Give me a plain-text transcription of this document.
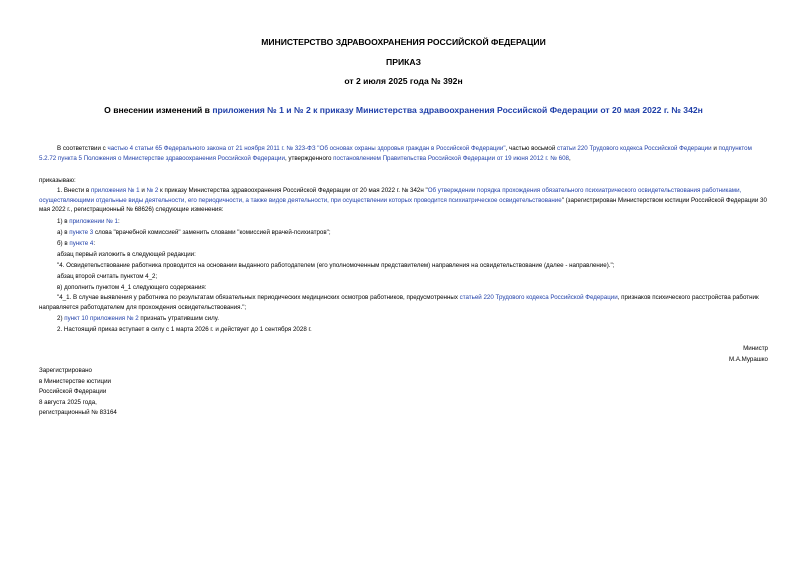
МИНИСТЕРСТВО ЗДРАВООХРАНЕНИЯ РОССИЙСКОЙ ФЕДЕРАЦИИ
ПРИКАЗ
от 2 июля 2025 года № 392н
О внесении изменений в приложения № 1 и № 2 к приказу Министерства здравоохранения Российской Федерации от 20 мая 2022 г. № 342н

В соответствии с частью 4 статьи 65 Федерального закона от 21 ноября 2011 г. № 323-ФЗ "Об основах охраны здоровья граждан в Российской Федерации", частью восьмой статьи 220 Трудового кодекса Российской Федерации и подпунктом 5.2.72 пункта 5 Положения о Министерстве здравоохранения Российской Федерации, утвержденного постановлением Правительства Российской Федерации от 19 июня 2012 г. № 608,

приказываю:

1. Внести в приложения № 1 и № 2 к приказу Министерства здравоохранения Российской Федерации от 20 мая 2022 г. № 342н "Об утверждении порядка прохождения обязательного психиатрического освидетельствования работниками, осуществляющими отдельные виды деятельности, его периодичности, а также видов деятельности, при осуществлении которых проводится психиатрическое освидетельствование" (зарегистрирован Министерством юстиции Российской Федерации 30 мая 2022 г., регистрационный № 68626) следующие изменения:

1) в приложении № 1:

а) в пункте 3 слова "врачебной комиссией" заменить словами "комиссией врачей-психиатров";

б) в пункте 4:

абзац первый изложить в следующей редакции:

"4. Освидетельствование работника проводится на основании выданного работодателем (его уполномоченным представителем) направления на освидетельствование (далее - направление).";

абзац второй считать пунктом 4_2;

в) дополнить пунктом 4_1 следующего содержания:

"4_1. В случае выявления у работника по результатам обязательных периодических медицинских осмотров работников, предусмотренных статьей 220 Трудового кодекса Российской Федерации, признаков психического расстройства работник направляется работодателем для прохождения освидетельствования.";

2) пункт 10 приложения № 2 признать утратившим силу.

2. Настоящий приказ вступает в силу с 1 марта 2026 г. и действует до 1 сентября 2028 г.

Министр
М.А.Мурашко
Зарегистрировано
в Министерстве юстиции
Российской Федерации
8 августа 2025 года,
регистрационный № 83164
